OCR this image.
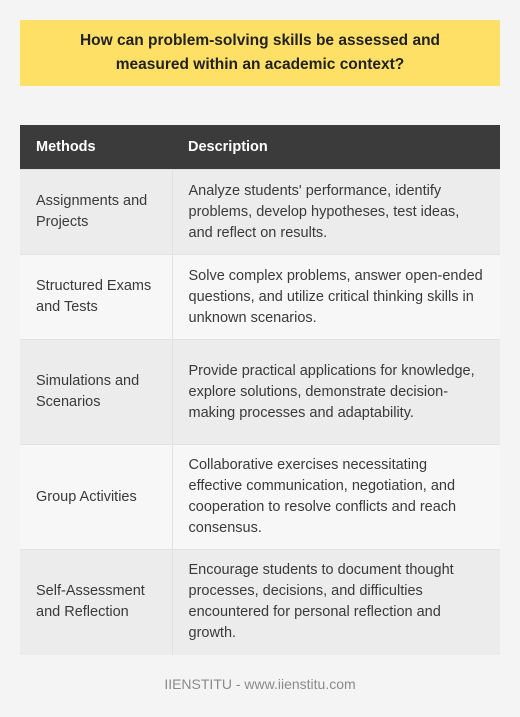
How can problem-solving skills be assessed and measured within an academic context?
Methods	Description
Assignments and Projects	Analyze students' performance, identify problems, develop hypotheses, test ideas, and reflect on results.
Structured Exams and Tests	Solve complex problems, answer open-ended questions, and utilize critical thinking skills in unknown scenarios.
Simulations and Scenarios	Provide practical applications for knowledge, explore solutions, demonstrate decision-making processes and adaptability.
Group Activities	Collaborative exercises necessitating effective communication, negotiation, and cooperation to resolve conflicts and reach consensus.
Self-Assessment and Reflection	Encourage students to document thought processes, decisions, and difficulties encountered for personal reflection and growth.
IIENSTITU - www.iienstitu.com
